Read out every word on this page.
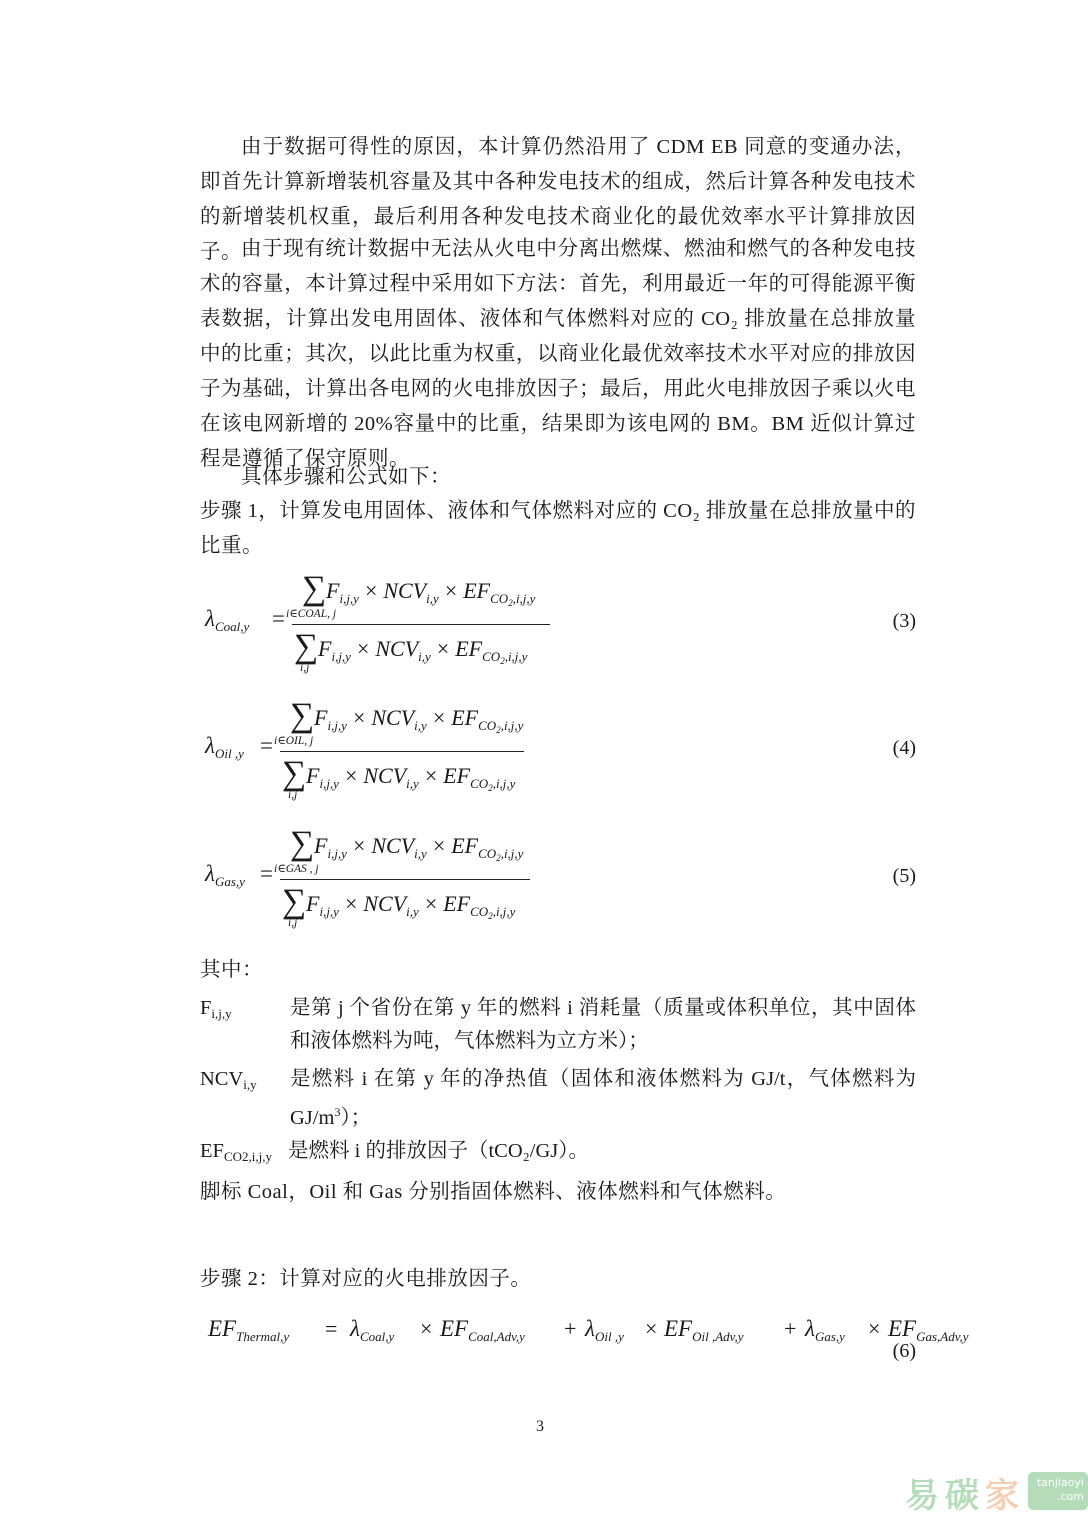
由于数据可得性的原因，本计算仍然沿用了 CDM EB 同意的变通办法，即首先计算新增装机容量及其中各种发电技术的组成，然后计算各种发电技术的新增装机权重，最后利用各种发电技术商业化的最优效率水平计算排放因子。 由于现有统计数据中无法从火电中分离出燃煤、燃油和燃气的各种发电技术的容量，本计算过程中采用如下方法：首先，利用最近一年的可得能源平衡表数据，计算出发电用固体、液体和气体燃料对应的 CO₂ 排放量在总排放量中的比重；其次，以此比重为权重，以商业化最优效率技术水平对应的排放因子为基础，计算出各电网的火电排放因子；最后，用此火电排放因子乘以火电在该电网新增的 20%容量中的比重，结果即为该电网的 BM。BM 近似计算过程是遵循了保守原则。
具体步骤和公式如下：
步骤 1，计算发电用固体、液体和气体燃料对应的 CO₂ 排放量在总排放量中的比重。
$\lambda_{Coal,y}$ =
∑
i∈COAL, j
$F_{i,j,y} \times NCV_{i,y} \times EF_{CO_2,i,j,y}$
∑
i,j
$F_{i,j,y} \times NCV_{i,y} \times EF_{CO_2,i,j,y}$
(3)
$\lambda_{Oil ,y}$ =
∑
i∈OIL, j
$F_{i,j,y} \times NCV_{i,y} \times EF_{CO_2,i,j,y}$
∑
i,j
$F_{i,j,y} \times NCV_{i,y} \times EF_{CO_2,i,j,y}$
(4)
$\lambda_{Gas,y}$ =
∑
i∈GAS , j
$F_{i,j,y} \times NCV_{i,y} \times EF_{CO_2,i,j,y}$
∑
i,j
$F_{i,j,y} \times NCV_{i,y} \times EF_{CO_2,i,j,y}$
(5)
其中：
Fi,j,y	是第 j 个省份在第 y 年的燃料 i 消耗量（质量或体积单位，其中固体和液体燃料为吨，气体燃料为立方米）；
NCVi,y 是燃料 i 在第 y 年的净热值（固体和液体燃料为 GJ/t，气体燃料为 $GJ/m^3$）；
EFCO2,i,j,y 是燃料 i 的排放因子（tCO₂/GJ）。
脚标 Coal，Oil 和 Gas 分别指固体燃料、液体燃料和气体燃料。
步骤 2：计算对应的火电排放因子。
$EF_{Thermal,y} = \lambda_{Coal,y} \times EF_{Coal,Adv,y} + \lambda_{Oil ,y} \times EF_{Oil ,Adv,y} + \lambda_{Gas,y} \times EF_{Gas,Adv,y}$
(6)
3
易 碳 家	tanjiaoyi
.com
